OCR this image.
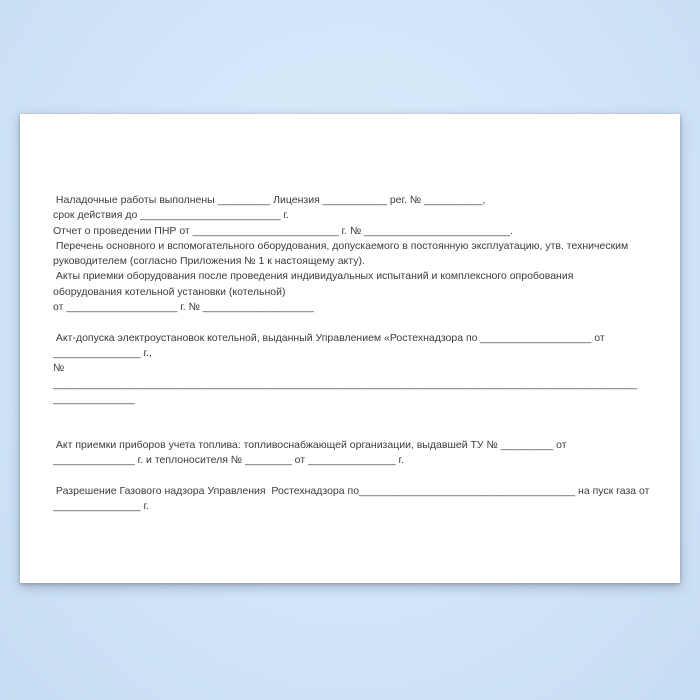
Наладочные работы выполнены _________ Лицензия ___________ рег. № __________,
срок действия до ________________________ г.
Отчет о проведении ПНР от _________________________ г. № _________________________.
Перечень основного и вспомогательного оборудования, допускаемого в постоянную эксплуатацию, утв. техническим
руководителем (согласно Приложения № 1 к настоящему акту).
Акты приемки оборудования после проведения индивидуальных испытаний и комплексного опробования
оборудования котельной установки (котельной)
от ___________________ г. № ___________________
Акт-допуска электроустановок котельной, выданный Управлением «Ростехнадзора по ___________________ от
_______________ г.,
№
____________________________________________________________________________________________________
______________
Акт приемки приборов учета топлива: топливоснабжающей организации, выдавшей ТУ № _________ от
______________ г. и теплоносителя № ________ от _______________ г.
Разрешение Газового надзора Управления  Ростехнадзора по_____________________________________ на пуск газа от
_______________ г.
